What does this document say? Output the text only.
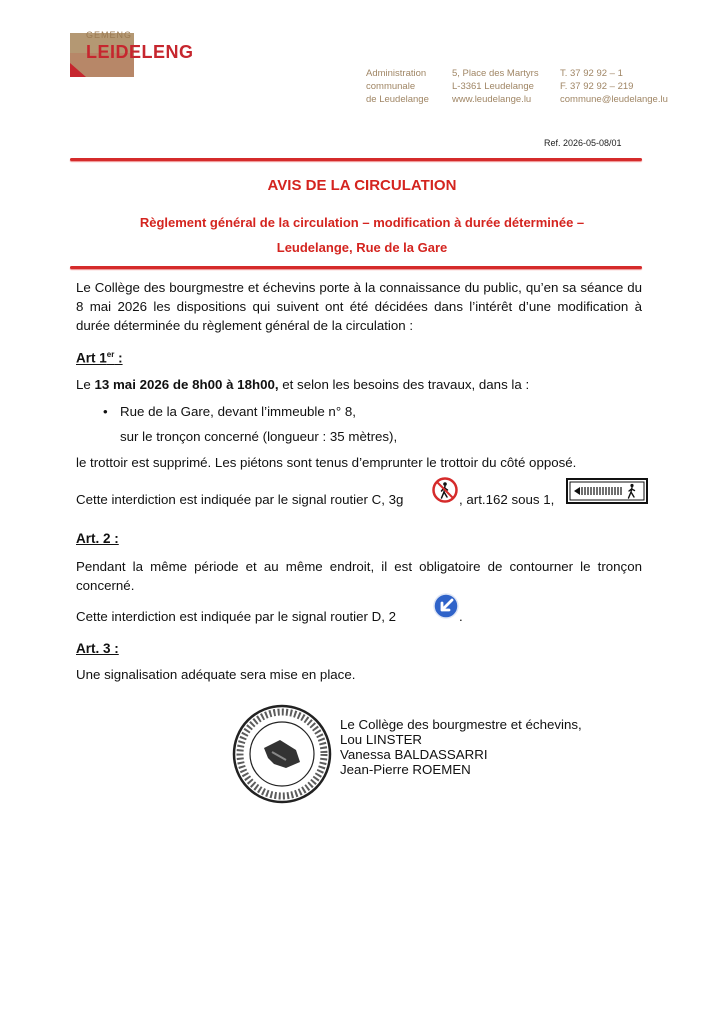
GEMENG
LEIDELENG
Administration
communale
de Leudelange
5, Place des Martyrs
L-3361 Leudelange
www.leudelange.lu
T. 37 92 92 – 1
F. 37 92 92 – 219
commune@leudelange.lu
Ref. 2026-05-08/01
AVIS DE LA CIRCULATION
Règlement général de la circulation – modification à durée déterminée –
Leudelange, Rue de la Gare
Le Collège des bourgmestre et échevins porte à la connaissance du public, qu’en sa séance du 8 mai 2026 les dispositions qui suivent ont été décidées dans l’intérêt d’une modification à durée déterminée du règlement général de la circulation :
Art 1er :
Le 13 mai 2026 de 8h00 à 18h00, et selon les besoins des travaux, dans la :
• Rue de la Gare, devant l’immeuble n° 8,
sur le tronçon concerné (longueur : 35 mètres),
le trottoir est supprimé. Les piétons sont tenus d’emprunter le trottoir du côté opposé.
Cette interdiction est indiquée par le signal routier C, 3g	, art.162 sous 1,
Art. 2 :
Pendant la même période et au même endroit, il est obligatoire de contourner le tronçon concerné.
Cette interdiction est indiquée par le signal routier D, 2	.
Art. 3 :
Une signalisation adéquate sera mise en place.
Le Collège des bourgmestre et échevins,
Lou LINSTER
Vanessa BALDASSARRI
Jean-Pierre ROEMEN
